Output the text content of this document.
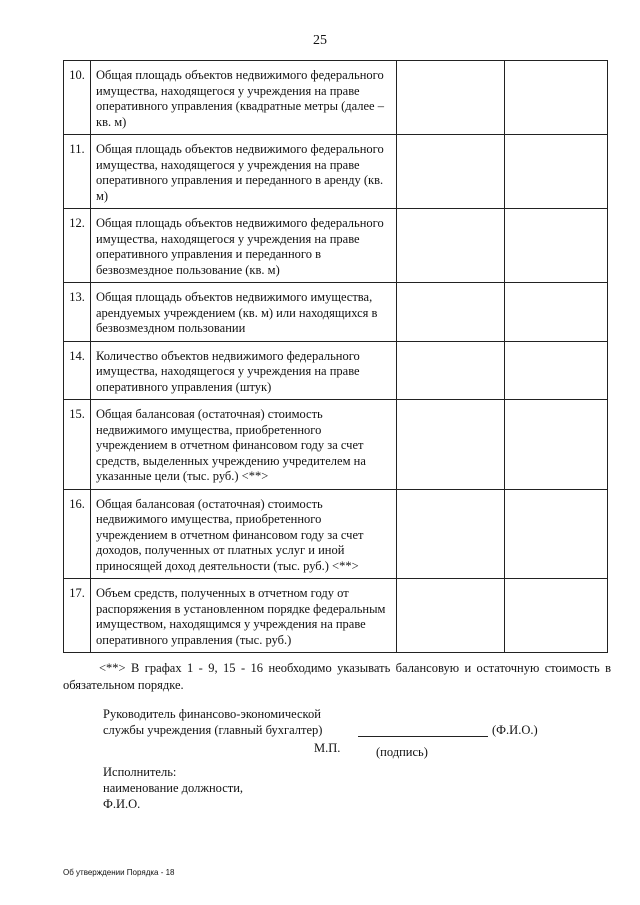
25
10.	Общая площадь объектов недвижимого федерального имущества, находящегося у учреждения на праве оперативного управления (квадратные метры (далее – кв. м)		
11.	Общая площадь объектов недвижимого федерального имущества, находящегося у учреждения на праве оперативного управления и переданного в аренду (кв. м)		
12.	Общая площадь объектов недвижимого федерального имущества, находящегося у учреждения на праве оперативного управления и переданного в безвозмездное пользование (кв. м)		
13.	Общая площадь объектов недвижимого имущества, арендуемых учреждением (кв. м) или находящихся в безвозмездном пользовании		
14.	Количество объектов недвижимого федерального имущества, находящегося у учреждения на праве оперативного управления (штук)		
15.	Общая балансовая (остаточная) стоимость недвижимого имущества, приобретенного учреждением в отчетном финансовом году за счет средств, выделенных учреждению учредителем на указанные цели (тыс. руб.) <**>		
16.	Общая балансовая (остаточная) стоимость недвижимого имущества, приобретенного учреждением в отчетном финансовом году за счет доходов, полученных от платных услуг и иной приносящей доход деятельности (тыс. руб.) <**>		
17.	Объем средств, полученных в отчетном году от распоряжения в установленном порядке федеральным имуществом, находящимся у учреждения на праве оперативного управления (тыс. руб.)		
<**> В графах 1 - 9, 15 - 16 необходимо указывать балансовую и остаточную стоимость в обязательном порядке.
Руководитель финансово-экономической
службы учреждения (главный бухгалтер)	(Ф.И.О.)
М.П.	(подпись)
Исполнитель:
наименование должности,
Ф.И.О.
Об утверждении Порядка - 18
